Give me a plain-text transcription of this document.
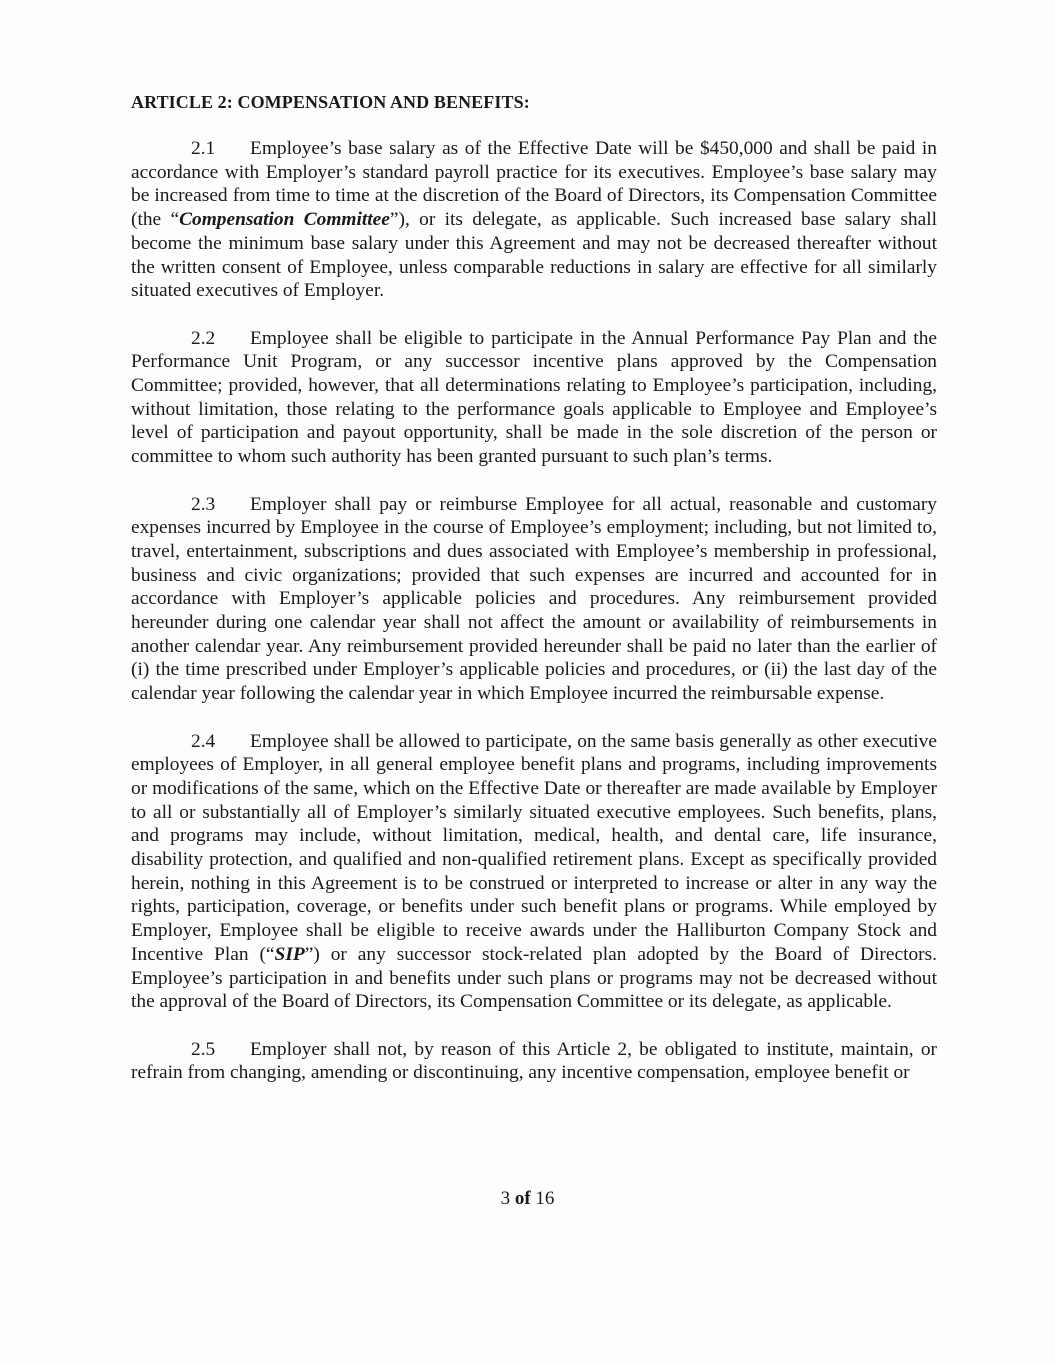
ARTICLE 2: COMPENSATION AND BENEFITS:

2.1 Employee’s base salary as of the Effective Date will be $450,000 and shall be paid in accordance with Employer’s standard payroll practice for its executives. Employee’s base salary may be increased from time to time at the discretion of the Board of Directors, its Compensation Committee (the “Compensation Committee”), or its delegate, as applicable. Such increased base salary shall become the minimum base salary under this Agreement and may not be decreased thereafter without the written consent of Employee, unless comparable reductions in salary are effective for all similarly situated executives of Employer.

2.2 Employee shall be eligible to participate in the Annual Performance Pay Plan and the Performance Unit Program, or any successor incentive plans approved by the Compensation Committee; provided, however, that all determinations relating to Employee’s participation, including, without limitation, those relating to the performance goals applicable to Employee and Employee’s level of participation and payout opportunity, shall be made in the sole discretion of the person or committee to whom such authority has been granted pursuant to such plan’s terms.

2.3 Employer shall pay or reimburse Employee for all actual, reasonable and customary expenses incurred by Employee in the course of Employee’s employment; including, but not limited to, travel, entertainment, subscriptions and dues associated with Employee’s membership in professional, business and civic organizations; provided that such expenses are incurred and accounted for in accordance with Employer’s applicable policies and procedures. Any reimbursement provided hereunder during one calendar year shall not affect the amount or availability of reimbursements in another calendar year. Any reimbursement provided hereunder shall be paid no later than the earlier of (i) the time prescribed under Employer’s applicable policies and procedures, or (ii) the last day of the calendar year following the calendar year in which Employee incurred the reimbursable expense.

2.4 Employee shall be allowed to participate, on the same basis generally as other executive employees of Employer, in all general employee benefit plans and programs, including improvements or modifications of the same, which on the Effective Date or thereafter are made available by Employer to all or substantially all of Employer’s similarly situated executive employees. Such benefits, plans, and programs may include, without limitation, medical, health, and dental care, life insurance, disability protection, and qualified and non-qualified retirement plans. Except as specifically provided herein, nothing in this Agreement is to be construed or interpreted to increase or alter in any way the rights, participation, coverage, or benefits under such benefit plans or programs. While employed by Employer, Employee shall be eligible to receive awards under the Halliburton Company Stock and Incentive Plan (“SIP”) or any successor stock-related plan adopted by the Board of Directors. Employee’s participation in and benefits under such plans or programs may not be decreased without the approval of the Board of Directors, its Compensation Committee or its delegate, as applicable.

2.5 Employer shall not, by reason of this Article 2, be obligated to institute, maintain, or refrain from changing, amending or discontinuing, any incentive compensation, employee benefit or

3 of 16
